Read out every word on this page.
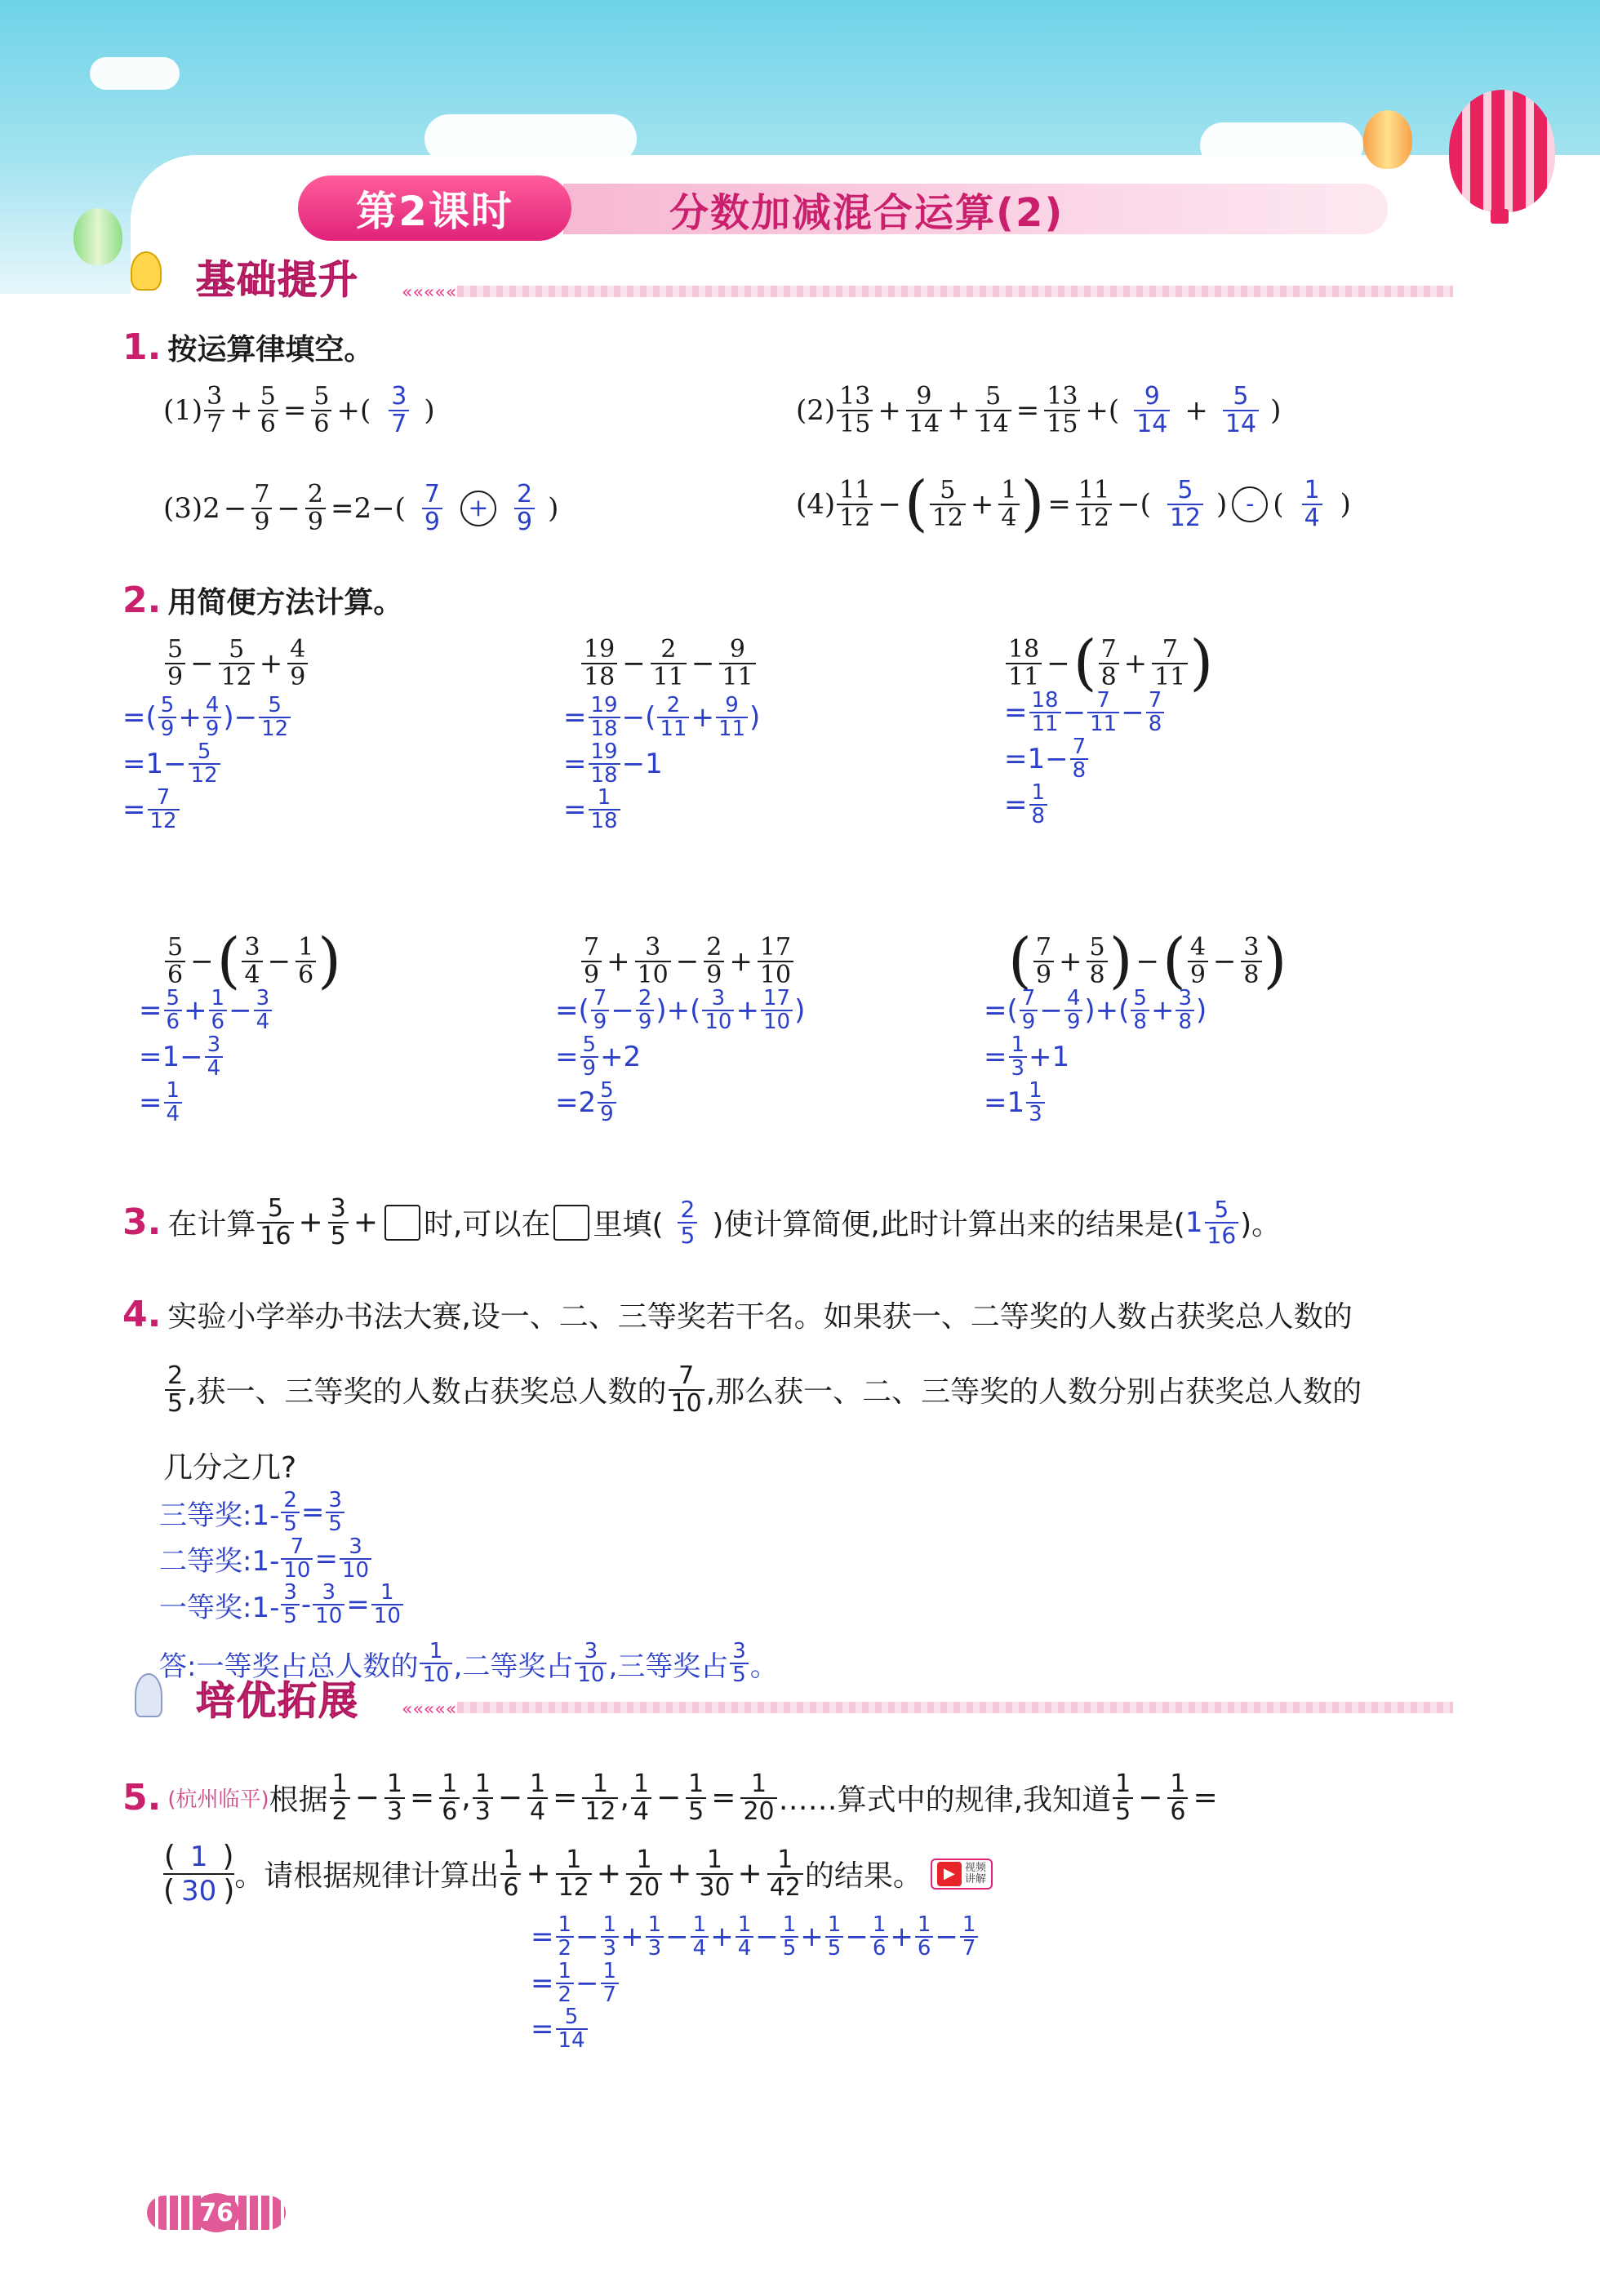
第2课时	分数加减混合运算(2)
基础提升 «««««
1. 按运算律填空。
(1) 3
$7 + \frac{5}{6} = \frac{5}{6}$ +( 3
7 )	(2) 13
$15 + \frac{9}{14} + \frac{5}{14} = \frac{13}{15}$ +( 9
$14 + \frac{5}{14}$ )
(3) $2 - \frac{7}{9} - \frac{2}{9} =2-$( 7
9	+	$\frac{2}{9}$ )	(4) 11
12 − ( 5
$12 + \frac{1}{4}$ ) = $\frac{11}{12}$ −( 5
12 ) - ( 1
4 )
2. 用简便方法计算。
5
$9 - \frac{5}{12} + \frac{4}{9}$
=( 5
9 + 4
9 )− 5
12
=1− 5
12
= 7
12
19
$18 - \frac{2}{11} - \frac{9}{11}$
= 19
18 −( 2
11 + 9
11 )
= 19
18 −1
= 1
18
18
11 − ( 7
$8 + \frac{7}{11}$ )
= 18
11 − 7
11 − 7
8
=1− 7
8
= 1
8
5
6 − ( 3
$4 - \frac{1}{6}$ )
= 5
6 + 1
6 − 3
4
=1− 3
4
= 1
4
7
$9 + \frac{3}{10} - \frac{2}{9} + \frac{17}{10}$
=( 7
9 − 2
9 )+( 3
10 + 17
10 )
= 5
9 +2
=2 5
9
( 7
$9 + \frac{5}{8}$ ) − ( 4
$9 - \frac{3}{8}$ )
=( 7
9 − 4
9 )+( 5
8 + 3
8 )
= 1
3 +1
=1 1
3
3. 在计算 5
$16 + \frac{3}{5}$ + 时,可以在 里填( 2
5 )使计算简便,此时计算出来的结果是( 1 5
16 )。
4. 实验小学举办书法大赛,设一、二、三等奖若干名。如果获一、二等奖的人数占获奖总人数的
2
5 ,获一、三等奖的人数占获奖总人数的 7
10 ,那么获一、二、三等奖的人数分别占获奖总人数的
几分之几?
三等奖:1- $\frac{2}{5} = \frac{3}{5}$
二等奖:1- $\frac{7}{10} = \frac{3}{10}$
一等奖:1- 3
$5 - \frac{3}{10} = \frac{1}{10}$
答:一等奖占总人数的 1
10 ,二等奖占 3
10 ,三等奖占 3
5 。
培优拓展 «««««
5. (杭州临平) 根据 1
$2 - \frac{1}{3} = \frac{1}{6}$ , 1
$3 - \frac{1}{4} = \frac{1}{12}$ , 1
$4 - \frac{1}{5} = \frac{1}{20}$ ……算式中的规律,我知道 1
$5 - \frac{1}{6}$ =
( 1 )
( 30 ) 。请根据规律计算出 1
$6 + \frac{1}{12} + \frac{1}{20} + \frac{1}{30} + \frac{1}{42}$ 的结果。	▶ 视频
讲解
= 1
2 − 1
3 + 1
3 − 1
4 + 1
4 − 1
5 + 1
5 − 1
6 + 1
6 − 1
7
= 1
2 − 1
7
= 5
14
76
